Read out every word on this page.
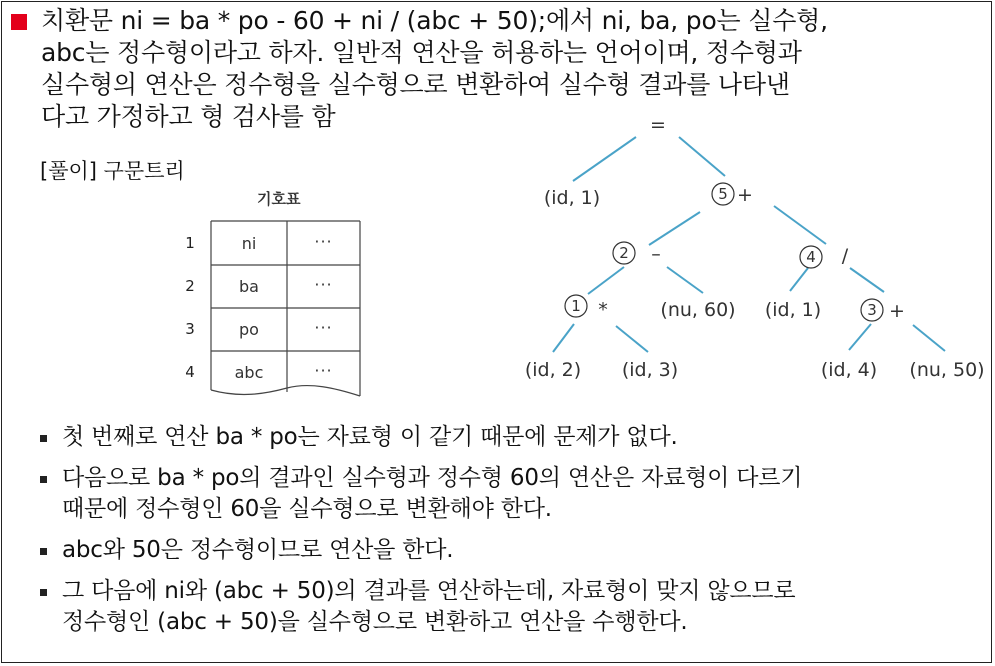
치환문 ni = ba * po - 60 + ni / (abc + 50);에서 ni, ba, po는 실수형,
abc는 정수형이라고 하자. 일반적 연산을 허용하는 언어이며, 정수형과
실수형의 연산은 정수형을 실수형으로 변환하여 실수형 결과를 나타낸
다고 가정하고 형 검사를 함

[풀이] 구문트리

기호표
1	ni	···
2	ba	···
3	po	···
4	abc	···
=
(id, 1)	5 +
2 –	4 /
1 *	(nu, 60) (id, 1)	3 +
(id, 2) (id, 3)	(id, 4) (nu, 50)
첫 번째로 연산 ba * po는 자료형 이 같기 때문에 문제가 없다.
다음으로 ba * po의 결과인 실수형과 정수형 60의 연산은 자료형이 다르기
때문에 정수형인 60을 실수형으로 변환해야 한다.
abc와 50은 정수형이므로 연산을 한다.
그 다음에 ni와 (abc + 50)의 결과를 연산하는데, 자료형이 맞지 않으므로
정수형인 (abc + 50)을 실수형으로 변환하고 연산을 수행한다.
